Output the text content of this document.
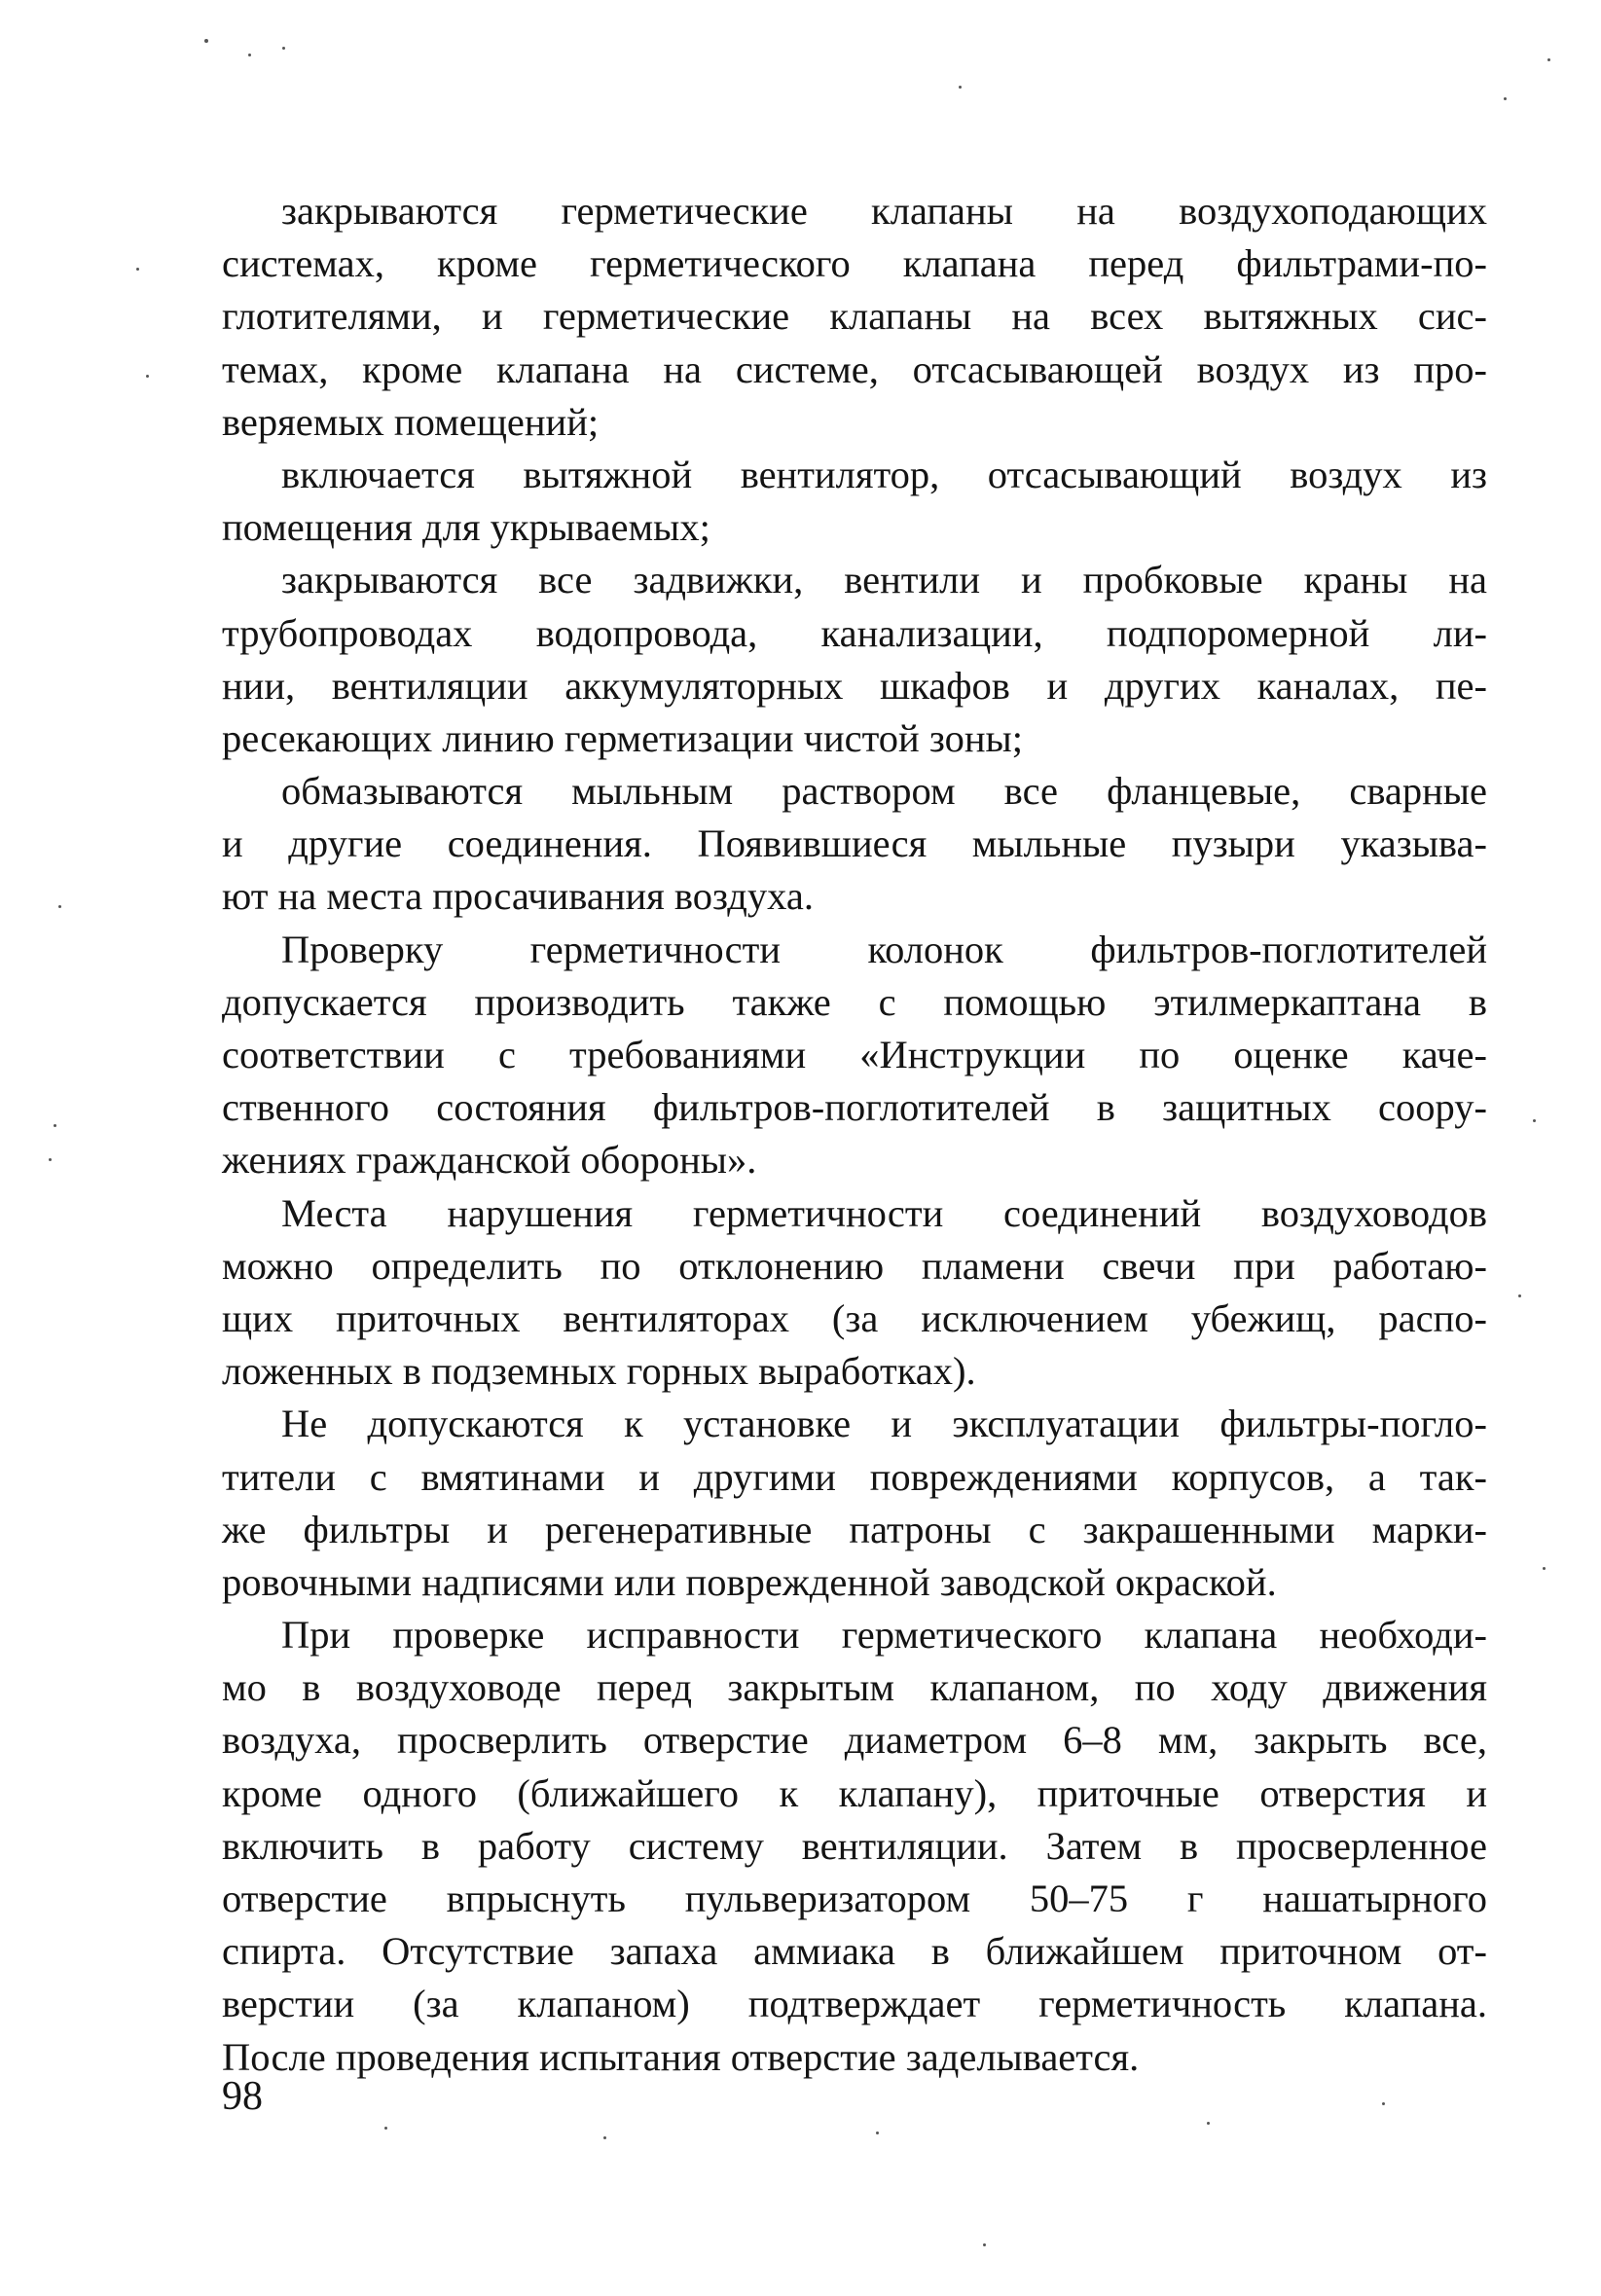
закрываются герметические клапаны на воздухоподающих
системах, кроме герметического клапана перед фильтрами-по-
глотителями, и герметические клапаны на всех вытяжных сис-
темах, кроме клапана на системе, отсасывающей воздух из про-
веряемых помещений;
включается вытяжной вентилятор, отсасывающий воздух из
помещения для укрываемых;
закрываются все задвижки, вентили и пробковые краны на
трубопроводах водопровода, канализации, подпоромерной ли-
нии, вентиляции аккумуляторных шкафов и других каналах, пе-
ресекающих линию герметизации чистой зоны;
обмазываются мыльным раствором все фланцевые, сварные
и другие соединения. Появившиеся мыльные пузыри указыва-
ют на места просачивания воздуха.
Проверку герметичности колонок фильтров-поглотителей
допускается производить также с помощью этилмеркаптана в
соответствии с требованиями «Инструкции по оценке каче-
ственного состояния фильтров-поглотителей в защитных соору-
жениях гражданской обороны».
Места нарушения герметичности соединений воздуховодов
можно определить по отклонению пламени свечи при работаю-
щих приточных вентиляторах (за исключением убежищ, распо-
ложенных в подземных горных выработках).
Не допускаются к установке и эксплуатации фильтры-погло-
тители с вмятинами и другими повреждениями корпусов, а так-
же фильтры и регенеративные патроны с закрашенными марки-
ровочными надписями или поврежденной заводской окраской.
При проверке исправности герметического клапана необходи-
мо в воздуховоде перед закрытым клапаном, по ходу движения
воздуха, просверлить отверстие диаметром 6–8 мм, закрыть все,
кроме одного (ближайшего к клапану), приточные отверстия и
включить в работу систему вентиляции. Затем в просверленное
отверстие впрыснуть пульверизатором 50–75 г нашатырного
спирта. Отсутствие запаха аммиака в ближайшем приточном от-
верстии (за клапаном) подтверждает герметичность клапана.
После проведения испытания отверстие заделывается.
98
